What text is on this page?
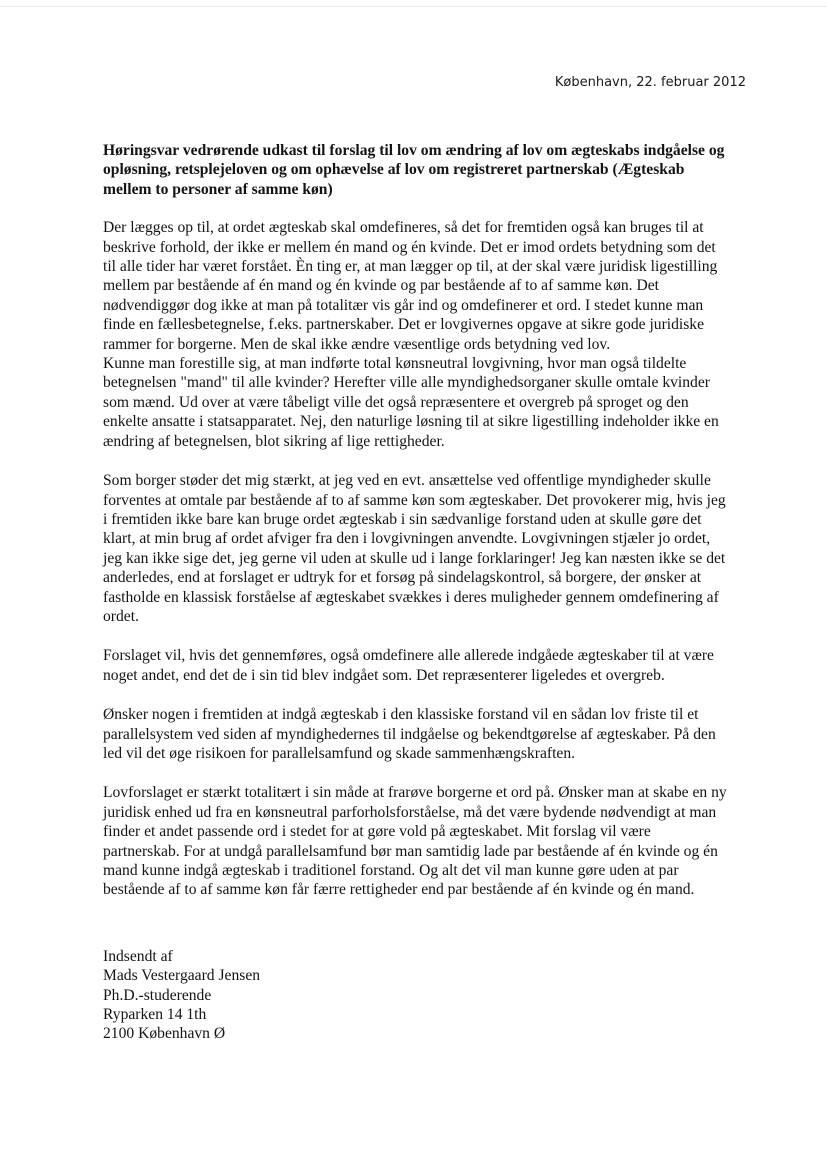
København, 22. februar 2012

Høringsvar vedrørende udkast til forslag til lov om ændring af lov om ægteskabs indgåelse og
opløsning, retsplejeloven og om ophævelse af lov om registreret partnerskab (Ægteskab
mellem to personer af samme køn)

Der lægges op til, at ordet ægteskab skal omdefineres, så det for fremtiden også kan bruges til at
beskrive forhold, der ikke er mellem én mand og én kvinde. Det er imod ordets betydning som det
til alle tider har været forstået. Èn ting er, at man lægger op til, at der skal være juridisk ligestilling
mellem par bestående af én mand og én kvinde og par bestående af to af samme køn. Det
nødvendiggør dog ikke at man på totalitær vis går ind og omdefinerer et ord. I stedet kunne man
finde en fællesbetegnelse, f.eks. partnerskaber. Det er lovgivernes opgave at sikre gode juridiske
rammer for borgerne. Men de skal ikke ændre væsentlige ords betydning ved lov.
Kunne man forestille sig, at man indførte total kønsneutral lovgivning, hvor man også tildelte
betegnelsen "mand" til alle kvinder? Herefter ville alle myndighedsorganer skulle omtale kvinder
som mænd. Ud over at være tåbeligt ville det også repræsentere et overgreb på sproget og den
enkelte ansatte i statsapparatet. Nej, den naturlige løsning til at sikre ligestilling indeholder ikke en
ændring af betegnelsen, blot sikring af lige rettigheder.

Som borger støder det mig stærkt, at jeg ved en evt. ansættelse ved offentlige myndigheder skulle
forventes at omtale par bestående af to af samme køn som ægteskaber. Det provokerer mig, hvis jeg
i fremtiden ikke bare kan bruge ordet ægteskab i sin sædvanlige forstand uden at skulle gøre det
klart, at min brug af ordet afviger fra den i lovgivningen anvendte. Lovgivningen stjæler jo ordet,
jeg kan ikke sige det, jeg gerne vil uden at skulle ud i lange forklaringer! Jeg kan næsten ikke se det
anderledes, end at forslaget er udtryk for et forsøg på sindelagskontrol, så borgere, der ønsker at
fastholde en klassisk forståelse af ægteskabet svækkes i deres muligheder gennem omdefinering af
ordet.

Forslaget vil, hvis det gennemføres, også omdefinere alle allerede indgåede ægteskaber til at være
noget andet, end det de i sin tid blev indgået som. Det repræsenterer ligeledes et overgreb.

Ønsker nogen i fremtiden at indgå ægteskab i den klassiske forstand vil en sådan lov friste til et
parallelsystem ved siden af myndighedernes til indgåelse og bekendtgørelse af ægteskaber. På den
led vil det øge risikoen for parallelsamfund og skade sammenhængskraften.

Lovforslaget er stærkt totalitært i sin måde at frarøve borgerne et ord på. Ønsker man at skabe en ny
juridisk enhed ud fra en kønsneutral parforholsforståelse, må det være bydende nødvendigt at man
finder et andet passende ord i stedet for at gøre vold på ægteskabet. Mit forslag vil være
partnerskab. For at undgå parallelsamfund bør man samtidig lade par bestående af én kvinde og én
mand kunne indgå ægteskab i traditionel forstand. Og alt det vil man kunne gøre uden at par
bestående af to af samme køn får færre rettigheder end par bestående af én kvinde og én mand.

Indsendt af
Mads Vestergaard Jensen
Ph.D.-studerende
Ryparken 14 1th
2100 København Ø
